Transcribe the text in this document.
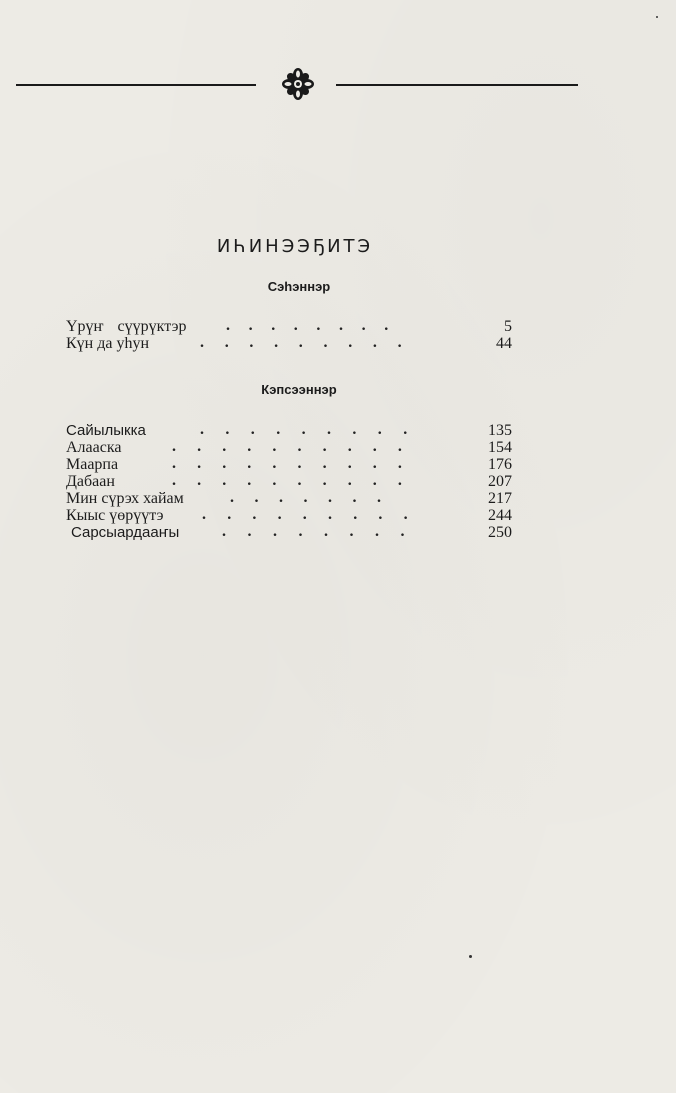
ИҺИНЭЭҔИТЭ
Сэһэннэр
Үрүҥ сүүрүктэр ........	5
Күн да уһун	.........	44
Кэпсээннэр
Сайылыкка	.........	135
Алааска	..........	154
Маарпа	..........	176
Дабаан	..........	207
Мин сүрэх хайам	.......	217
Кыыс үөрүүтэ .........	244
Сарсыардааҥы	........	250
